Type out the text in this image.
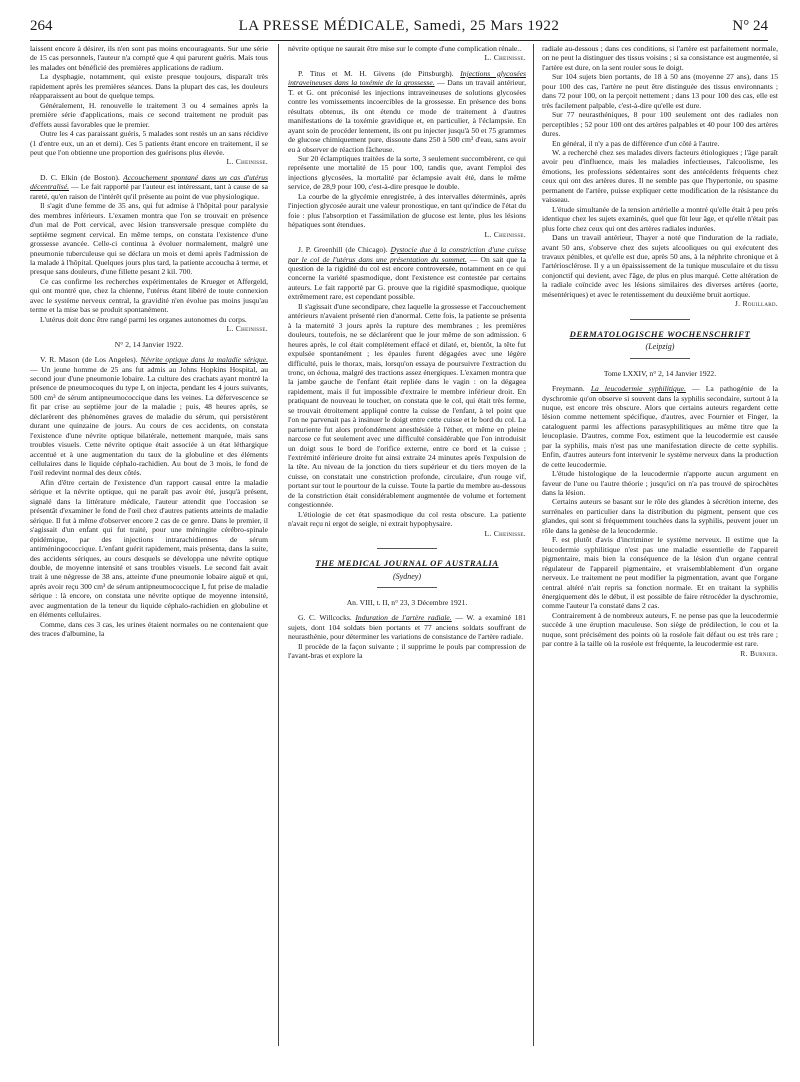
264	LA PRESSE MÉDICALE, Samedi, 25 Mars 1922	N° 24

laissent encore à désirer, ils n'en sont pas moins encourageants. Sur une série de 15 cas personnels, l'auteur n'a compté que 4 qui parurent guéris. Mais tous les malades ont bénéficié des premières applications de radium.

La dysphagie, notamment, qui existe presque toujours, disparaît très rapidement après les premières séances. Dans la plupart des cas, les douleurs réapparaissent au bout de quelque temps.

Généralement, H. renouvelle le traitement 3 ou 4 semaines après la première série d'applications, mais ce second traitement ne produit pas d'effets aussi favorables que le premier.

Outre les 4 cas paraissant guéris, 5 malades sont restés un an sans récidive (1 d'entre eux, un an et demi). Ces 5 patients étant encore en traitement, il se peut que l'on obtienne une proportion des guérisons plus élevée.

L. Cheinisse.

D. C. Elkin (de Boston). Accouchement spontané dans un cas d'utérus décentralisé. — Le fait rapporté par l'auteur est intéressant, tant à cause de sa rareté, qu'en raison de l'intérêt qu'il présente au point de vue physiologique.

Il s'agit d'une femme de 35 ans, qui fut admise à l'hôpital pour paralysie des membres inférieurs. L'examen montra que l'on se trouvait en présence d'un mal de Pott cervical, avec lésion transversale presque complète du septième segment cervical. En même temps, on constata l'existence d'une grossesse avancée. Celle-ci continua à évoluer normalement, malgré une pneumonie tuberculeuse qui se déclara un mois et demi après l'admission de la malade à l'hôpital. Quelques jours plus tard, la patiente accoucha à terme, et presque sans douleurs, d'une fillette pesant 2 kil. 700.

Ce cas confirme les recherches expérimentales de Krueger et Affergeld, qui ont montré que, chez la chienne, l'utérus étant libéré de toute connexion avec le système nerveux central, la gravidité n'en évolue pas moins jusqu'au terme et la mise bas se produit spontanément.

L'utérus doit donc être rangé parmi les organes autonomes du corps.

L. Cheinisse.

N° 2, 14 Janvier 1922.

V. R. Mason (de Los Angeles). Névrite optique dans la maladie sérique. — Un jeune homme de 25 ans fut admis au Johns Hopkins Hospital, au second jour d'une pneumonie lobaire. La culture des crachats ayant montré la présence de pneumocoques du type I, on injecta, pendant les 4 jours suivants, 500 cm³ de sérum antipneumococcique dans les veines. La défervescence se fit par crise au septième jour de la maladie ; puis, 48 heures après, se déclarèrent des phénomènes graves de maladie du sérum, qui persistèrent durant une quinzaine de jours. Au cours de ces accidents, on constata l'existence d'une névrite optique bilatérale, nettement marquée, mais sans troubles visuels. Cette névrite optique était associée à un état léthargique accentué et à une augmentation du taux de la globuline et des éléments cellulaires dans le liquide céphalo-rachidien. Au bout de 3 mois, le fond de l'œil redevint normal des deux côtés.

Afin d'être certain de l'existence d'un rapport causal entre la maladie sérique et la névrite optique, qui ne paraît pas avoir été, jusqu'à présent, signalé dans la littérature médicale, l'auteur attendit que l'occasion se présentât d'examiner le fond de l'œil chez d'autres patients atteints de maladie sérique. Il fut à même d'observer encore 2 cas de ce genre. Dans le premier, il s'agissait d'un enfant qui fut traité, pour une méningite cérébro-spinale épidémique, par des injections intrarachidiennes de sérum antiméningococcique. L'enfant guérit rapidement, mais présenta, dans la suite, des accidents sériques, au cours desquels se développa une névrite optique double, de moyenne intensité et sans troubles visuels. Le second fait avait trait à une négresse de 38 ans, atteinte d'une pneumonie lobaire aiguë et qui, après avoir reçu 300 cm³ de sérum antipneumococcique I, fut prise de maladie sérique : là encore, on constata une névrite optique de moyenne intensité, avec augmentation de la teneur du liquide céphalo-rachidien en globuline et en éléments cellulaires.

Comme, dans ces 3 cas, les urines étaient normales ou ne contenaient que des traces d'albumine, la

névrite optique ne saurait être mise sur le compte d'une complication rénale..

L. Cheinisse.

P. Titus et M. H. Givens (de Pittsburgh). Injections glycosées intraveineuses dans la toxémie de la grossesse. — Dans un travail antérieur, T. et G. ont préconisé les injections intraveineuses de solutions glycosées contre les vomissements incoercibles de la grossesse. En présence des bons résultats obtenus, ils ont étendu ce mode de traitement à d'autres manifestations de la toxémie gravidique et, en particulier, à l'éclampsie. En ayant soin de procéder lentement, ils ont pu injecter jusqu'à 50 et 75 grammes de glucose chimiquement pure, dissoute dans 250 à 500 cm³ d'eau, sans avoir eu à observer de réaction fâcheuse.

Sur 20 éclamptiques traitées de la sorte, 3 seulement succombèrent, ce qui représente une mortalité de 15 pour 100, tandis que, avant l'emploi des injections glycosées, la mortalité par éclampsie avait été, dans le même service, de 28,9 pour 100, c'est-à-dire presque le double.

La courbe de la glycémie enregistrée, à des intervalles déterminés, après l'injection glycosée aurait une valeur pronostique, en tant qu'indice de l'état du foie : plus l'absorption et l'assimilation de glucose est lente, plus les lésions hépatiques sont étendues.

L. Cheinisse.

J. P. Greenhill (de Chicago). Dystocie due à la constriction d'une cuisse par le col de l'utérus dans une présentation du sommet. — On sait que la question de la rigidité du col est encore controversée, notamment en ce qui concerne la variété spasmodique, dont l'existence est contestée par certains auteurs. Le fait rapporté par G. prouve que la rigidité spasmodique, quoique extrêmement rare, est cependant possible.

Il s'agissait d'une secondipare, chez laquelle la grossesse et l'accouchement antérieurs n'avaient présenté rien d'anormal. Cette fois, la patiente se présenta à la maternité 3 jours après la rupture des membranes ; les premières douleurs, toutefois, ne se déclarèrent que le jour même de son admission. 6 heures après, le col était complètement effacé et dilaté, et, bientôt, la tête fut expulsée spontanément ; les épaules furent dégagées avec une légère difficulté, puis le thorax, mais, lorsqu'on essaya de poursuivre l'extraction du tronc, on échoua, malgré des tractions assez énergiques. L'examen montra que la jambe gauche de l'enfant était repliée dans le vagin : on la dégagea rapidement, mais il fut impossible d'extraire le membre inférieur droit. En pratiquant de nouveau le toucher, on constata que le col, qui était très ferme, se trouvait étroitement appliqué contre la cuisse de l'enfant, à tel point que l'on ne parvenait pas à insinuer le doigt entre cette cuisse et le bord du col. La parturiente fut alors profondément anesthésiée à l'éther, et même en pleine narcose ce fut seulement avec une difficulté considérable que l'on introduisit un doigt sous le bord de l'orifice externe, entre ce bord et la cuisse ; l'extrémité inférieure droite fut ainsi extraite 24 minutes après l'expulsion de la tête. Au niveau de la jonction du tiers supérieur et du tiers moyen de la cuisse, on constatait une constriction profonde, circulaire, d'un rouge vif, portant sur tout le pourtour de la cuisse. Toute la partie du membre au-dessous de la constriction était considérablement augmentée de volume et fortement congestionnée.

L'étiologie de cet état spasmodique du col resta obscure. La patiente n'avait reçu ni ergot de seigle, ni extrait hypophysaire.

L. Cheinisse.

THE MEDICAL JOURNAL OF AUSTRALIA

(Sydney)

An. VIII, t. II, n° 23, 3 Décembre 1921.

G. C. Willcocks. Induration de l'artère radiale. — W. a examiné 181 sujets, dont 104 soldats bien portants et 77 anciens soldats souffrant de neurasthénie, pour déterminer les variations de consistance de l'artère radiale.

Il procède de la façon suivante ; il supprime le pouls par compression de l'avant-bras et explore la

radiale au-dessous ; dans ces conditions, si l'artère est parfaitement normale, on ne peut la distinguer des tissus voisins ; si sa consistance est augmentée, si l'artère est dure, on la sent rouler sous le doigt.

Sur 104 sujets bien portants, de 18 à 50 ans (moyenne 27 ans), dans 15 pour 100 des cas, l'artère ne peut être distinguée des tissus environnants ; dans 72 pour 100, on la perçoit nettement ; dans 13 pour 100 des cas, elle est très facilement palpable, c'est-à-dire qu'elle est dure.

Sur 77 neurasthéniques, 8 pour 100 seulement ont des radiales non perceptibles ; 52 pour 100 ont des artères palpables et 40 pour 100 des artères dures.

En général, il n'y a pas de différence d'un côté à l'autre.

W. a recherché chez ses malades divers facteurs étiologiques ; l'âge paraît avoir peu d'influence, mais les maladies infectieuses, l'alcoolisme, les émotions, les professions sédentaires sont des antécédents fréquents chez ceux qui ont des artères dures. Il ne semble pas que l'hypertonie, ou spasme permanent de l'artère, puisse expliquer cette modification de la résistance du vaisseau.

L'étude simultanée de la tension artérielle a montré qu'elle était à peu près identique chez les sujets examinés, quel que fût leur âge, et qu'elle n'était pas plus forte chez ceux qui ont des artères radiales indurées.

Dans un travail antérieur, Thayer a noté que l'induration de la radiale, avant 50 ans, s'observe chez des sujets alcooliques ou qui exécutent des travaux pénibles, et qu'elle est due, après 50 ans, à la néphrite chronique et à l'artériosclérose. Il y a un épaississement de la tunique musculaire et du tissu conjonctif qui devient, avec l'âge, de plus en plus marqué. Cette altération de la radiale coïncide avec les lésions similaires des diverses artères (aorte, mésentériques) et avec le retentissement du deuxième bruit aortique.

J. Rouillard.

DERMATOLOGISCHE WOCHENSCHRIFT

(Leipzig)

Tome LXXIV, n° 2, 14 Janvier 1922.

Freymann. La leucodermie syphilitique. — La pathogénie de la dyschromie qu'on observe si souvent dans la syphilis secondaire, surtout à la nuque, est encore très obscure. Alors que certains auteurs regardent cette lésion comme nettement spécifique, d'autres, avec Fournier et Finger, la cataloguent parmi les affections parasyphilitiques au même titre que la leucoplasie. D'autres, comme Fox, estiment que la leucodermie est causée par la syphilis, mais n'est pas une manifestation directe de cette syphilis. Enfin, d'autres auteurs font intervenir le système nerveux dans la production de cette leucodermie.

L'étude histologique de la leucodermie n'apporte aucun argument en faveur de l'une ou l'autre théorie ; jusqu'ici on n'a pas trouvé de spirochètes dans la lésion.

Certains auteurs se basant sur le rôle des glandes à sécrétion interne, des surrénales en particulier dans la distribution du pigment, pensent que ces glandes, qui sont si fréquemment touchées dans la syphilis, peuvent jouer un rôle dans la genèse de la leucodermie.

F. est plutôt d'avis d'incriminer le système nerveux. Il estime que la leucodermie syphilitique n'est pas une maladie essentielle de l'appareil pigmentaire, mais bien la conséquence de la lésion d'un organe central régulateur de l'appareil pigmentaire, et vraisemblablement d'un organe nerveux. Le traitement ne peut modifier la pigmentation, avant que l'organe central altéré n'ait repris sa fonction normale. Et en traitant la syphilis énergiquement dès le début, il est possible de faire rétrocéder la dyschromie, comme l'auteur l'a constaté dans 2 cas.

Contrairement à de nombreux auteurs, F. ne pense pas que la leucodermie succède à une éruption maculeuse. Son siège de prédilection, le cou et la nuque, sont précisément des points où la roséole fait défaut ou est très rare ; par contre à la taille où la roséole est fréquente, la leucodermie est rare.

R. Burnier.
